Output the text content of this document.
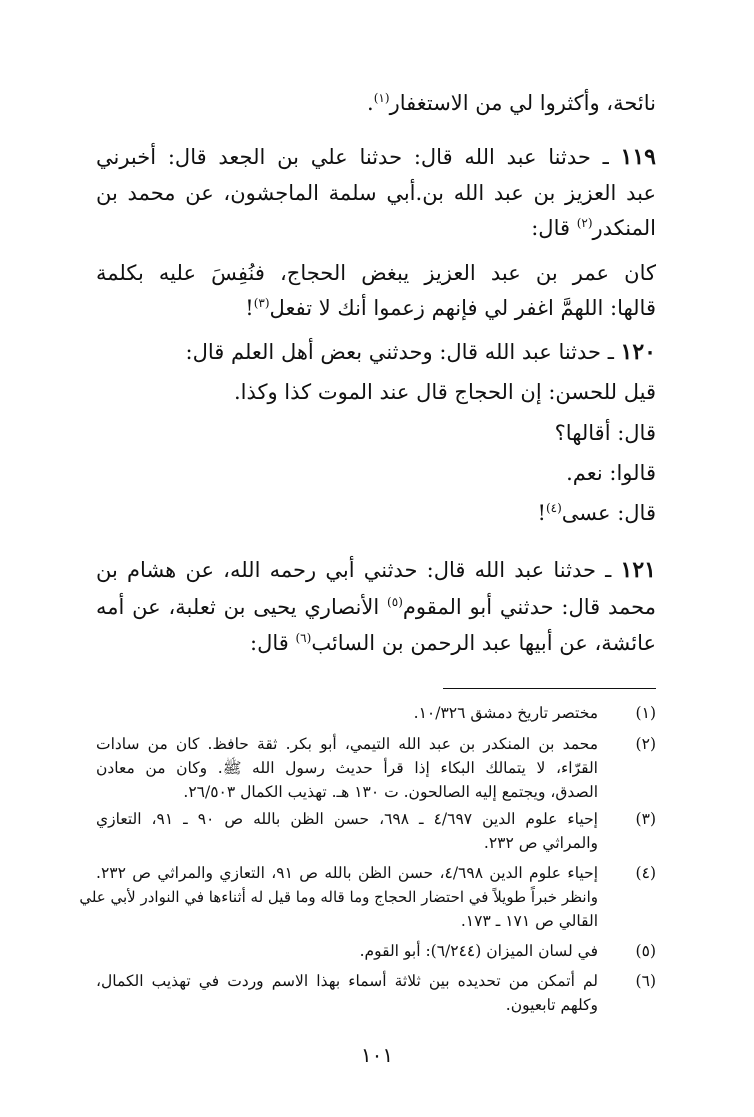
نائحة، وأكثروا لي من الاستغفار$^{(١)}$.
١١٩ ـ حدثنا عبد الله قال: حدثنا علي بن الجعد قال: أخبرني
عبد العزيز بن عبد الله بن.أبي سلمة الماجشون، عن محمد بن
المنكدر$^{(٢)}$ قال:
كان عمر بن عبد العزيز يبغض الحجاج، فنُفِسَ عليه بكلمة
قالها: اللهمَّ اغفر لي فإنهم زعموا أنك لا تفعل$^{(٣)}$!
١٢٠ ـ حدثنا عبد الله قال: وحدثني بعض أهل العلم قال:
قيل للحسن: إن الحجاج قال عند الموت كذا وكذا.
قال: أقالها؟
قالوا: نعم.
قال: عسى$^{(٤)}$!
١٢١ ـ حدثنا عبد الله قال: حدثني أبي رحمه الله، عن هشام بن
محمد قال: حدثني أبو المقوم$^{(٥)}$ الأنصاري يحيى بن ثعلبة، عن أمه
عائشة، عن أبيها عبد الرحمن بن السائب$^{(٦)}$ قال:
(١)
مختصر تاريخ دمشق ١٠/٣٢٦.
(٢)
محمد بن المنكدر بن عبد الله التيمي، أبو بكر. ثقة حافظ. كان من سادات
القرّاء، لا يتمالك البكاء إذا قرأ حديث رسول الله ﷺ. وكان من معادن
الصدق، ويجتمع إليه الصالحون. ت ١٣٠ هـ. تهذيب الكمال ٢٦/٥٠٣.
(٣)
إحياء علوم الدين ٤/٦٩٧ ـ ٦٩٨، حسن الظن بالله ص ٩٠ ـ ٩١، التعازي
والمراثي ص ٢٣٢.
(٤)
إحياء علوم الدين ٤/٦٩٨، حسن الظن بالله ص ٩١، التعازي والمراثي ص ٢٣٢.
وانظر خبراً طويلاً في احتضار الحجاج وما قاله وما قيل له أثناءها في النوادر لأبي علي
القالي ص ١٧١ ـ ١٧٣.
(٥)
في لسان الميزان (٦/٢٤٤): أبو القوم.
(٦)
لم أتمكن من تحديده بين ثلاثة أسماء بهذا الاسم وردت في تهذيب الكمال،
وكلهم تابعيون.
١٠١
